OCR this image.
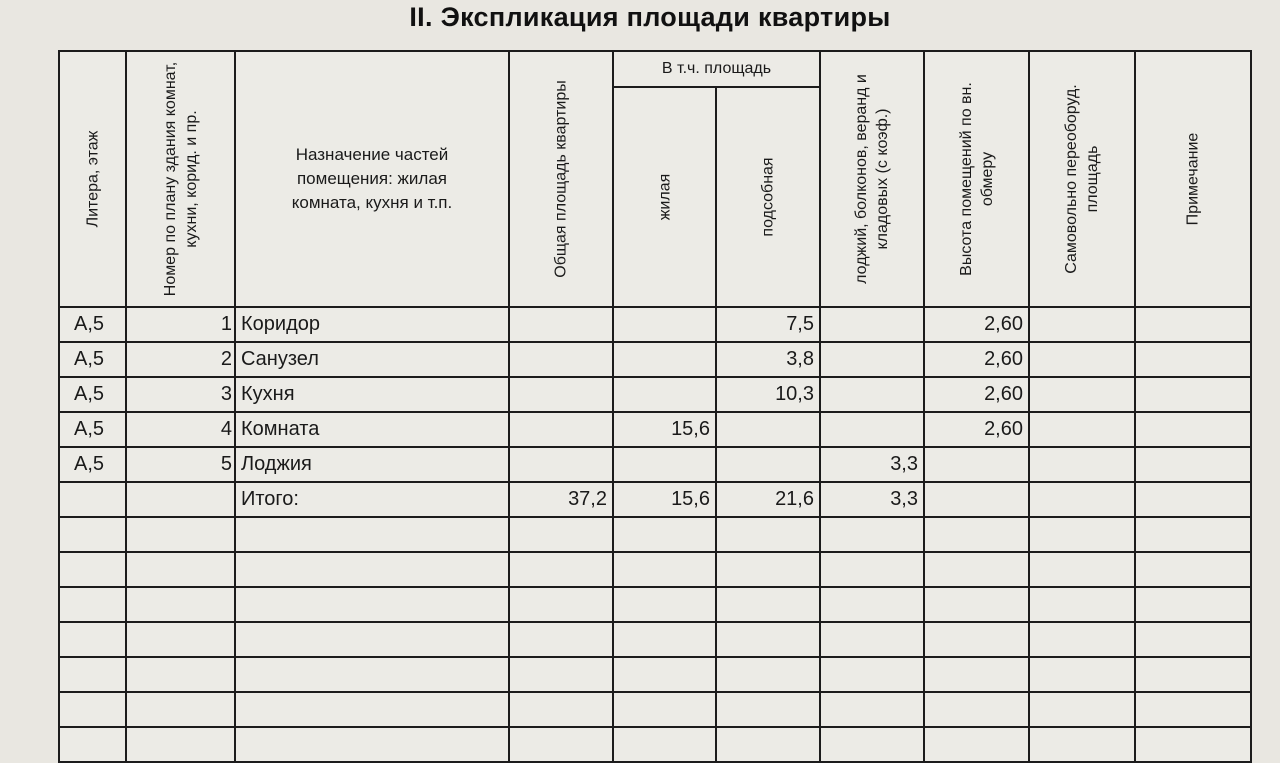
II. Экспликация площади квартиры
Литера, этаж	Номер по плану здания комнат, кухни, корид. и пр.	Назначение частей помещения: жилая комната, кухня и т.п.	Общая площадь квартиры	В т.ч. площадь		лоджий, болконов, веранд и кладовых (с коэф.)	Высота помещений по вн. обмеру	Самовольно переоборуд. площадь	Примечание

				жилая	подсобная				

А,5	1	Коридор			7,5		2,60		
А,5	2	Санузел			3,8		2,60		
А,5	3	Кухня			10,3		2,60		
А,5	4	Комната		15,6			2,60		
А,5	5	Лоджия				3,3			
		Итого:	37,2	15,6	21,6	3,3			
